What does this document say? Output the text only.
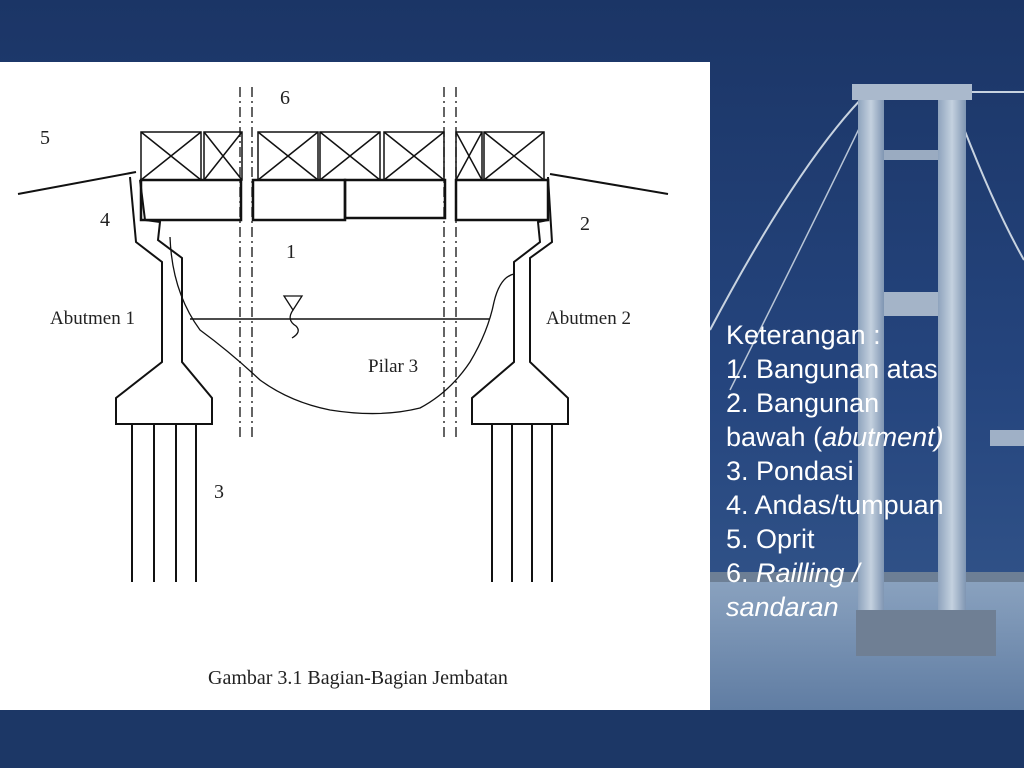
5
6
4	2
1
3
Abutmen 1	Abutmen 2
Pilar 3
Gambar 3.1 Bagian-Bagian Jembatan
Keterangan :
1. Bangunan atas
2. Bangunan
bawah (abutment)
3. Pondasi
4. Andas/tumpuan
5. Oprit
6. Railling /
sandaran
